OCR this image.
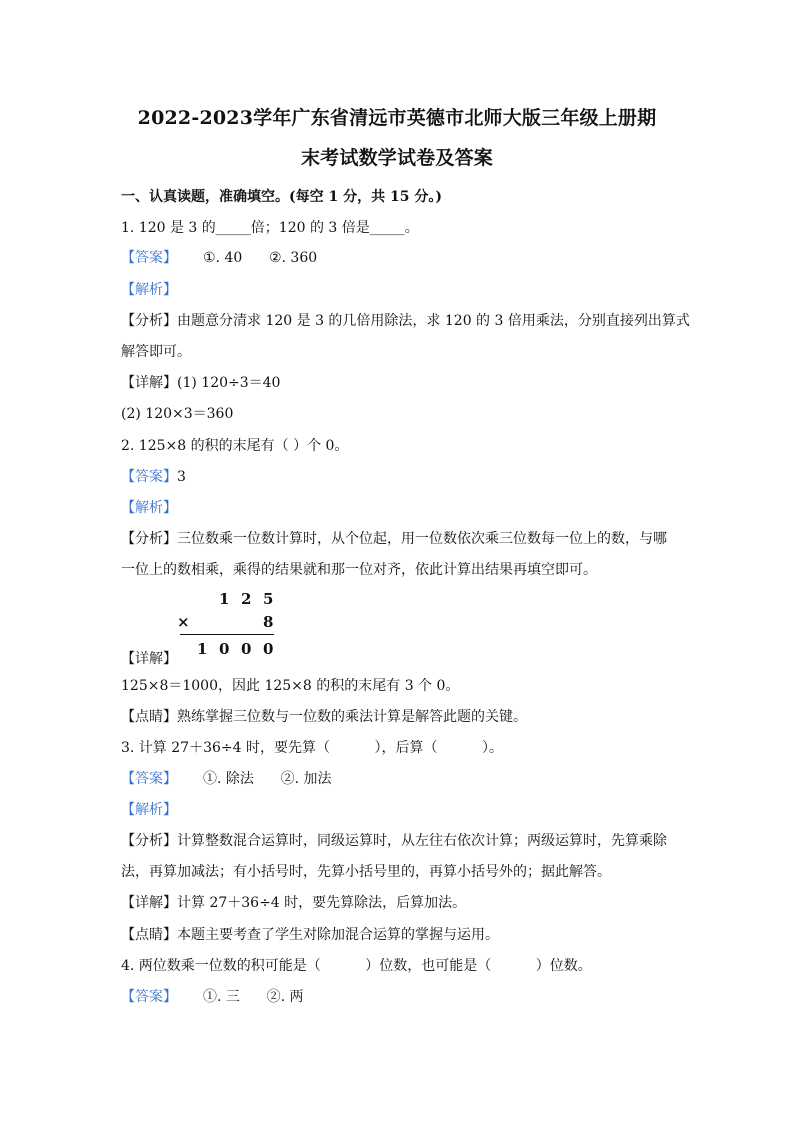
2022-2023学年广东省清远市英德市北师大版三年级上册期
末考试数学试卷及答案
一、认真读题，准确填空。(每空 1 分，共 15 分。)
1. 120 是 3 的_____倍；120 的 3 倍是_____。
【答案】 ①. 40      ②. 360
【解析】
【分析】由题意分清求 120 是 3 的几倍用除法，求 120 的 3 倍用乘法，分别直接列出算式
解答即可。
【详解】(1) 120÷3＝40
(2) 120×3＝360
2. 125×8 的积的末尾有（ ）个 0。
【答案】3
【解析】
【分析】三位数乘一位数计算时，从个位起，用一位数依次乘三位数每一位上的数，与哪
一位上的数相乘，乘得的结果就和那一位对齐，依此计算出结果再填空即可。
1 2 5
×	8
1 0 0 0
【详解】
125×8＝1000，因此 125×8 的积的末尾有 3 个 0。
【点睛】熟练掌握三位数与一位数的乘法计算是解答此题的关键。
3. 计算 27＋36÷4 时，要先算（          ），后算（          ）。
【答案】 ①. 除法      ②. 加法
【解析】
【分析】计算整数混合运算时，同级运算时，从左往右依次计算；两级运算时，先算乘除
法，再算加减法；有小括号时，先算小括号里的，再算小括号外的；据此解答。
【详解】计算 27＋36÷4 时，要先算除法，后算加法。
【点睛】本题主要考查了学生对除加混合运算的掌握与运用。
4. 两位数乘一位数的积可能是（          ）位数，也可能是（          ）位数。
【答案】 ①. 三      ②. 两
